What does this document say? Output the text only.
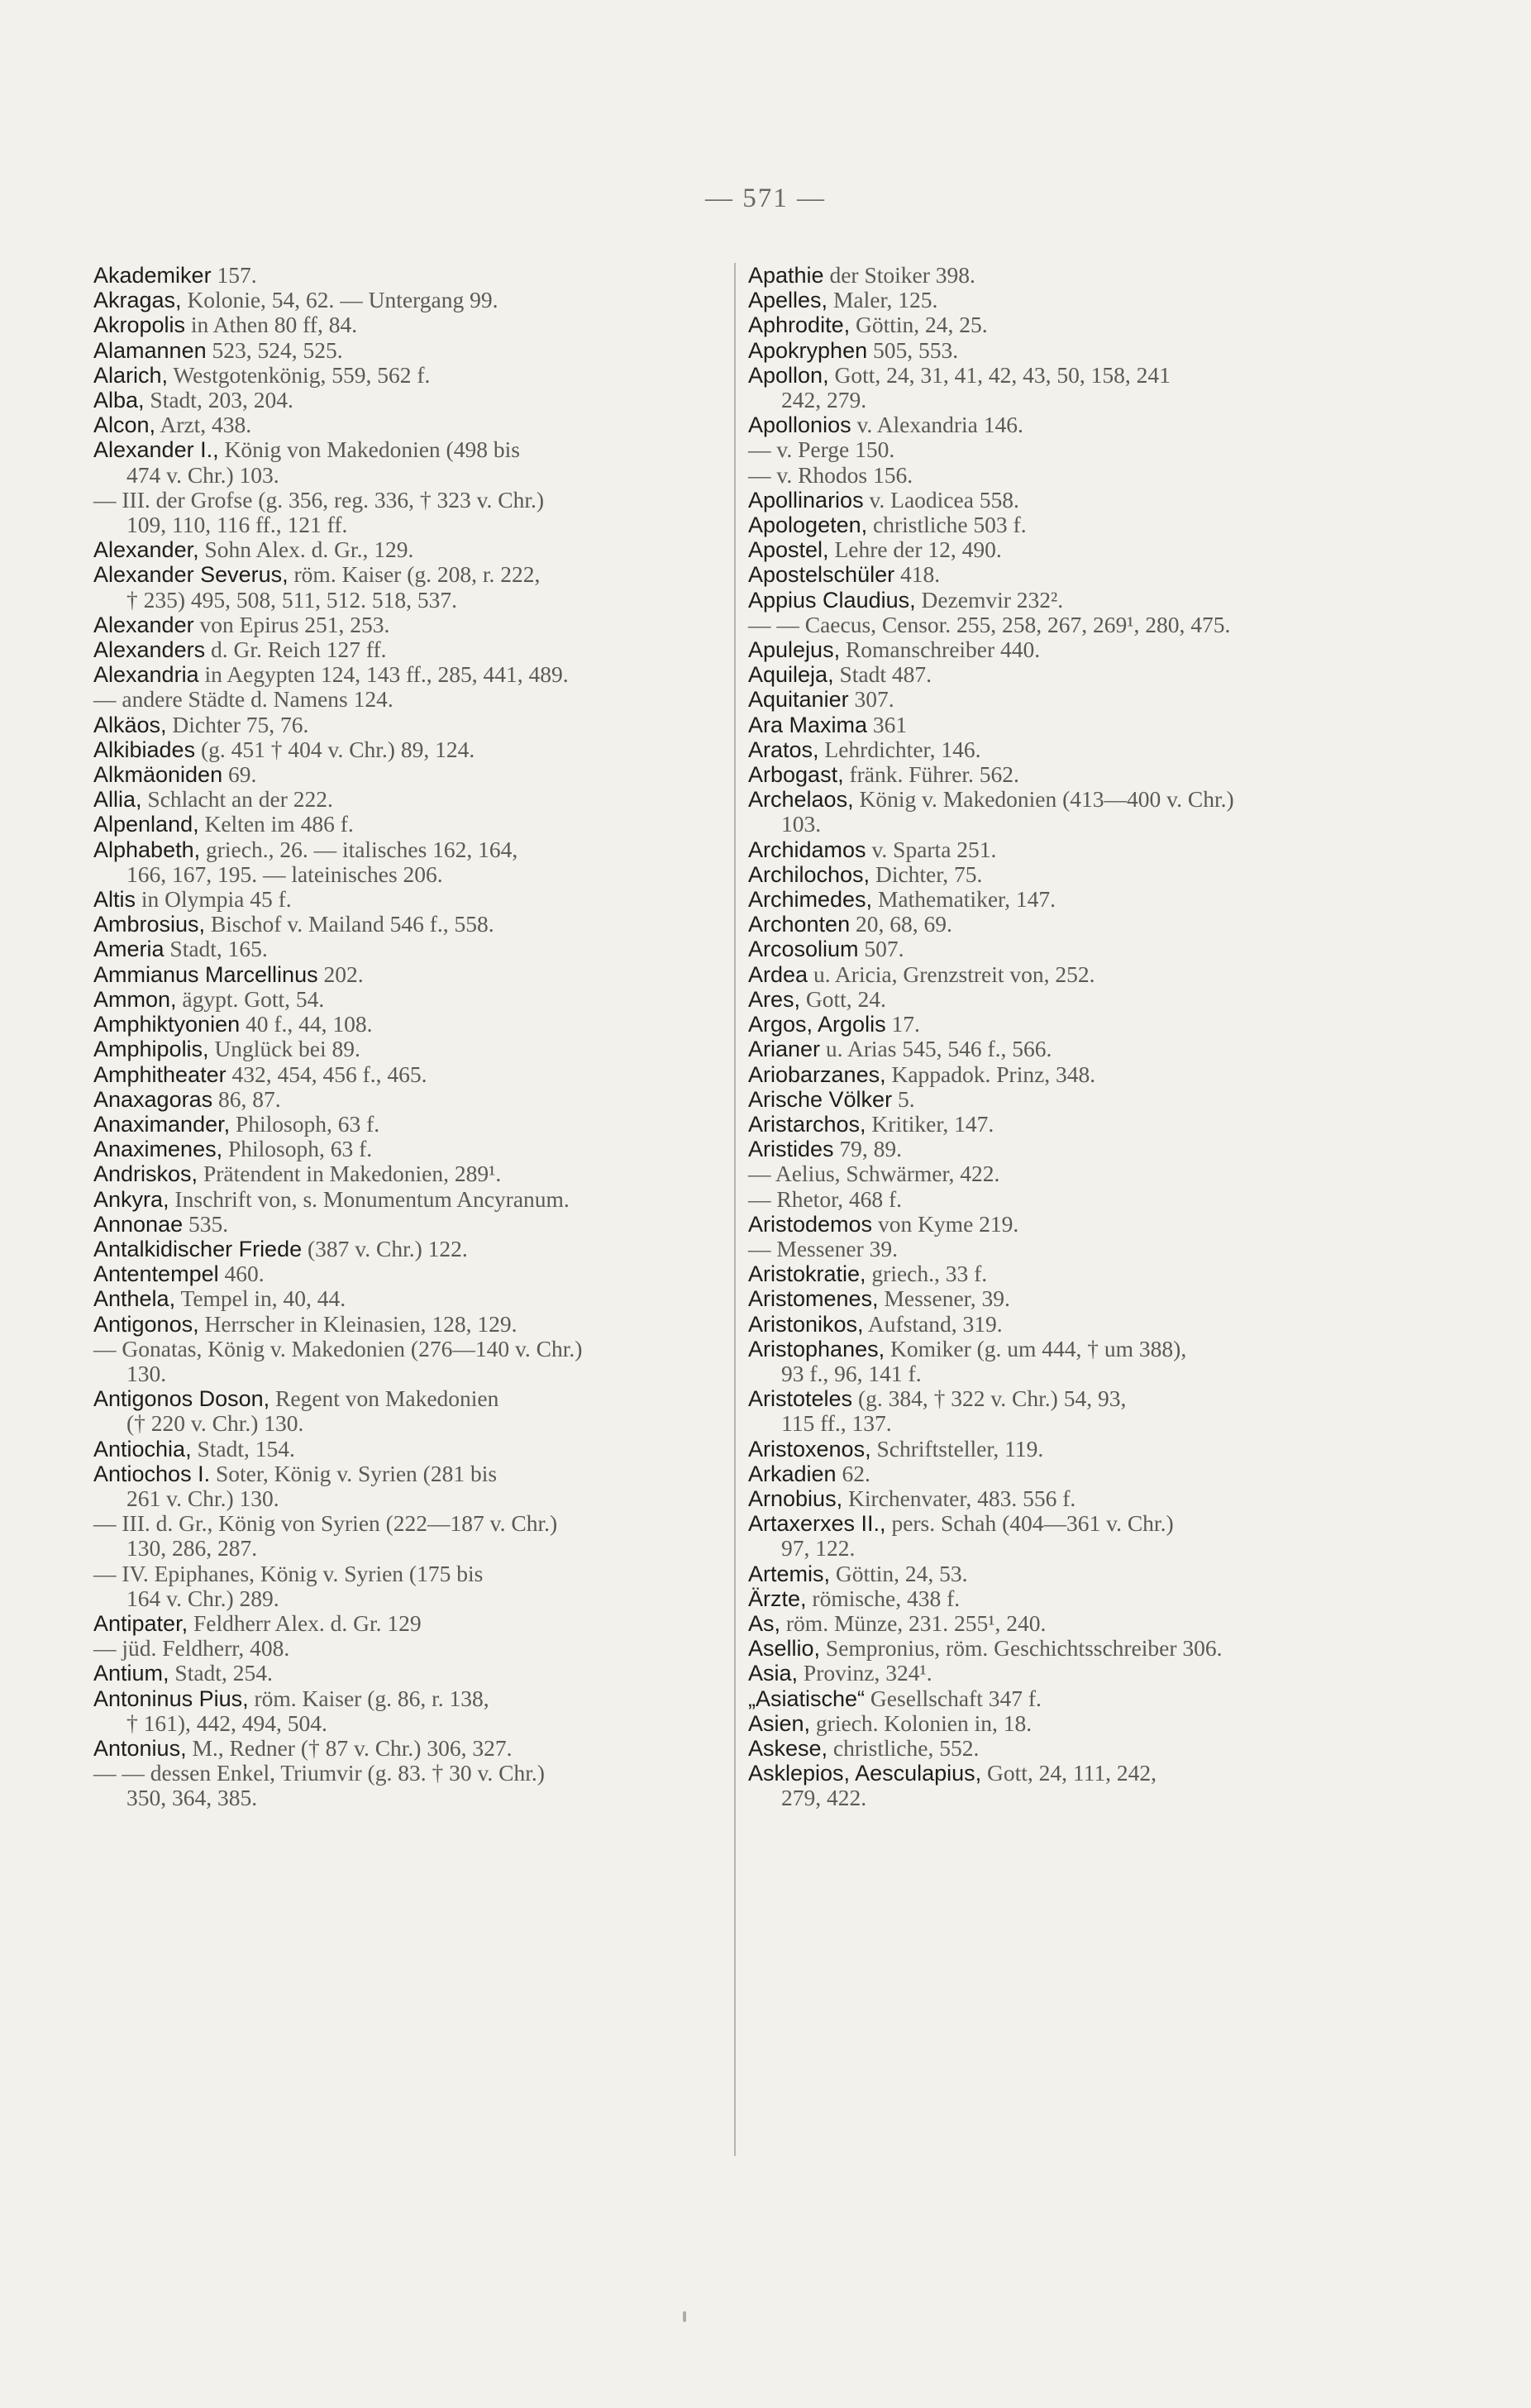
— 571 —

Akademiker 157.

Akragas, Kolonie, 54, 62. — Untergang 99.

Akropolis in Athen 80 ff, 84.

Alamannen 523, 524, 525.

Alarich, Westgotenkönig, 559, 562 f.

Alba, Stadt, 203, 204.

Alcon, Arzt, 438.

Alexander I., König von Makedonien (498 bis
474 v. Chr.) 103.

— III. der Grofse (g. 356, reg. 336, † 323 v. Chr.)
109, 110, 116 ff., 121 ff.

Alexander, Sohn Alex. d. Gr., 129.

Alexander Severus, röm. Kaiser (g. 208, r. 222,
† 235) 495, 508, 511, 512. 518, 537.

Alexander von Epirus 251, 253.

Alexanders d. Gr. Reich 127 ff.

Alexandria in Aegypten 124, 143 ff., 285, 441, 489.

— andere Städte d. Namens 124.

Alkäos, Dichter 75, 76.

Alkibiades (g. 451 † 404 v. Chr.) 89, 124.

Alkmäoniden 69.

Allia, Schlacht an der 222.

Alpenland, Kelten im 486 f.

Alphabeth, griech., 26. — italisches 162, 164,
166, 167, 195. — lateinisches 206.

Altis in Olympia 45 f.

Ambrosius, Bischof v. Mailand 546 f., 558.

Ameria Stadt, 165.

Ammianus Marcellinus 202.

Ammon, ägypt. Gott, 54.

Amphiktyonien 40 f., 44, 108.

Amphipolis, Unglück bei 89.

Amphitheater 432, 454, 456 f., 465.

Anaxagoras 86, 87.

Anaximander, Philosoph, 63 f.

Anaximenes, Philosoph, 63 f.

Andriskos, Prätendent in Makedonien, 289¹.

Ankyra, Inschrift von, s. Monumentum Ancyranum.

Annonae 535.

Antalkidischer Friede (387 v. Chr.) 122.

Antentempel 460.

Anthela, Tempel in, 40, 44.

Antigonos, Herrscher in Kleinasien, 128, 129.

— Gonatas, König v. Makedonien (276—140 v. Chr.)
130.

Antigonos Doson, Regent von Makedonien
(† 220 v. Chr.) 130.

Antiochia, Stadt, 154.

Antiochos I. Soter, König v. Syrien (281 bis
261 v. Chr.) 130.

— III. d. Gr., König von Syrien (222—187 v. Chr.)
130, 286, 287.

— IV. Epiphanes, König v. Syrien (175 bis
164 v. Chr.) 289.

Antipater, Feldherr Alex. d. Gr. 129

— jüd. Feldherr, 408.

Antium, Stadt, 254.

Antoninus Pius, röm. Kaiser (g. 86, r. 138,
† 161), 442, 494, 504.

Antonius, M., Redner († 87 v. Chr.) 306, 327.

— — dessen Enkel, Triumvir (g. 83. † 30 v. Chr.)
350, 364, 385.

Apathie der Stoiker 398.

Apelles, Maler, 125.

Aphrodite, Göttin, 24, 25.

Apokryphen 505, 553.

Apollon, Gott, 24, 31, 41, 42, 43, 50, 158, 241
242, 279.

Apollonios v. Alexandria 146.

— v. Perge 150.

— v. Rhodos 156.

Apollinarios v. Laodicea 558.

Apologeten, christliche 503 f.

Apostel, Lehre der 12, 490.

Apostelschüler 418.

Appius Claudius, Dezemvir 232².

— — Caecus, Censor. 255, 258, 267, 269¹, 280, 475.

Apulejus, Romanschreiber 440.

Aquileja, Stadt 487.

Aquitanier 307.

Ara Maxima 361

Aratos, Lehrdichter, 146.

Arbogast, fränk. Führer. 562.

Archelaos, König v. Makedonien (413—400 v. Chr.)
103.

Archidamos v. Sparta 251.

Archilochos, Dichter, 75.

Archimedes, Mathematiker, 147.

Archonten 20, 68, 69.

Arcosolium 507.

Ardea u. Aricia, Grenzstreit von, 252.

Ares, Gott, 24.

Argos, Argolis 17.

Arianer u. Arias 545, 546 f., 566.

Ariobarzanes, Kappadok. Prinz, 348.

Arische Völker 5.

Aristarchos, Kritiker, 147.

Aristides 79, 89.

— Aelius, Schwärmer, 422.

— Rhetor, 468 f.

Aristodemos von Kyme 219.

— Messener 39.

Aristokratie, griech., 33 f.

Aristomenes, Messener, 39.

Aristonikos, Aufstand, 319.

Aristophanes, Komiker (g. um 444, † um 388),
93 f., 96, 141 f.

Aristoteles (g. 384, † 322 v. Chr.) 54, 93,
115 ff., 137.

Aristoxenos, Schriftsteller, 119.

Arkadien 62.

Arnobius, Kirchenvater, 483. 556 f.

Artaxerxes II., pers. Schah (404—361 v. Chr.)
97, 122.

Artemis, Göttin, 24, 53.

Ärzte, römische, 438 f.

As, röm. Münze, 231. 255¹, 240.

Asellio, Sempronius, röm. Geschichtsschreiber 306.

Asia, Provinz, 324¹.

„Asiatische“ Gesellschaft 347 f.

Asien, griech. Kolonien in, 18.

Askese, christliche, 552.

Asklepios, Aesculapius, Gott, 24, 111, 242,
279, 422.
